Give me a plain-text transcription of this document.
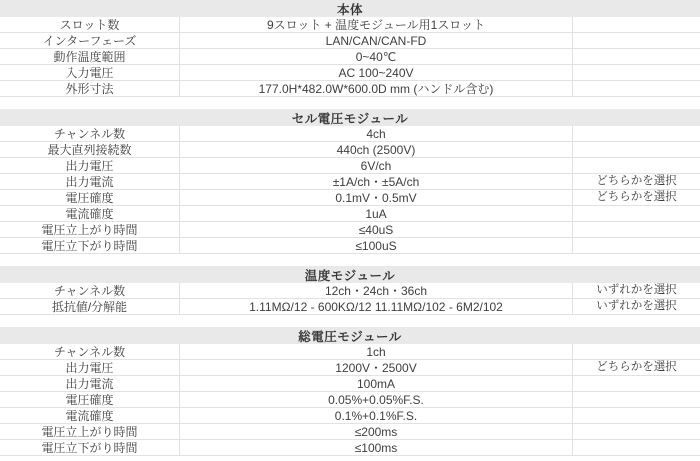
本体
スロット数	9スロット + 温度モジュール用1スロット
インターフェーズ	LAN/CAN/CAN-FD
動作温度範囲	0~40℃
入力電圧	AC 100~240V
外形寸法	177.0H*482.0W*600.0D mm (ハンドル含む)
セル電圧モジュール
チャンネル数	4ch
最大直列接続数	440ch (2500V)
出力電圧	6V/ch
出力電流	±1A/ch・±5A/ch	どちらかを選択
電圧確度	0.1mV・0.5mV	どちらかを選択
電流確度	1uA
電圧立上がり時間	≤40uS
電圧立下がり時間	≤100uS
温度モジュール
チャンネル数	12ch・24ch・36ch	いずれかを選択
抵抗値/分解能	1.11MΩ/12 - 600KΩ/12 11.11MΩ/102 - 6M2/102	いずれかを選択
総電圧モジュール
チャンネル数	1ch
出力電圧	1200V・2500V	どちらかを選択
出力電流	100mA
電圧確度	0.05%+0.05%F.S.
電流確度	0.1%+0.1%F.S.
電圧立上がり時間	≤200ms
電圧立下がり時間	≤100ms
